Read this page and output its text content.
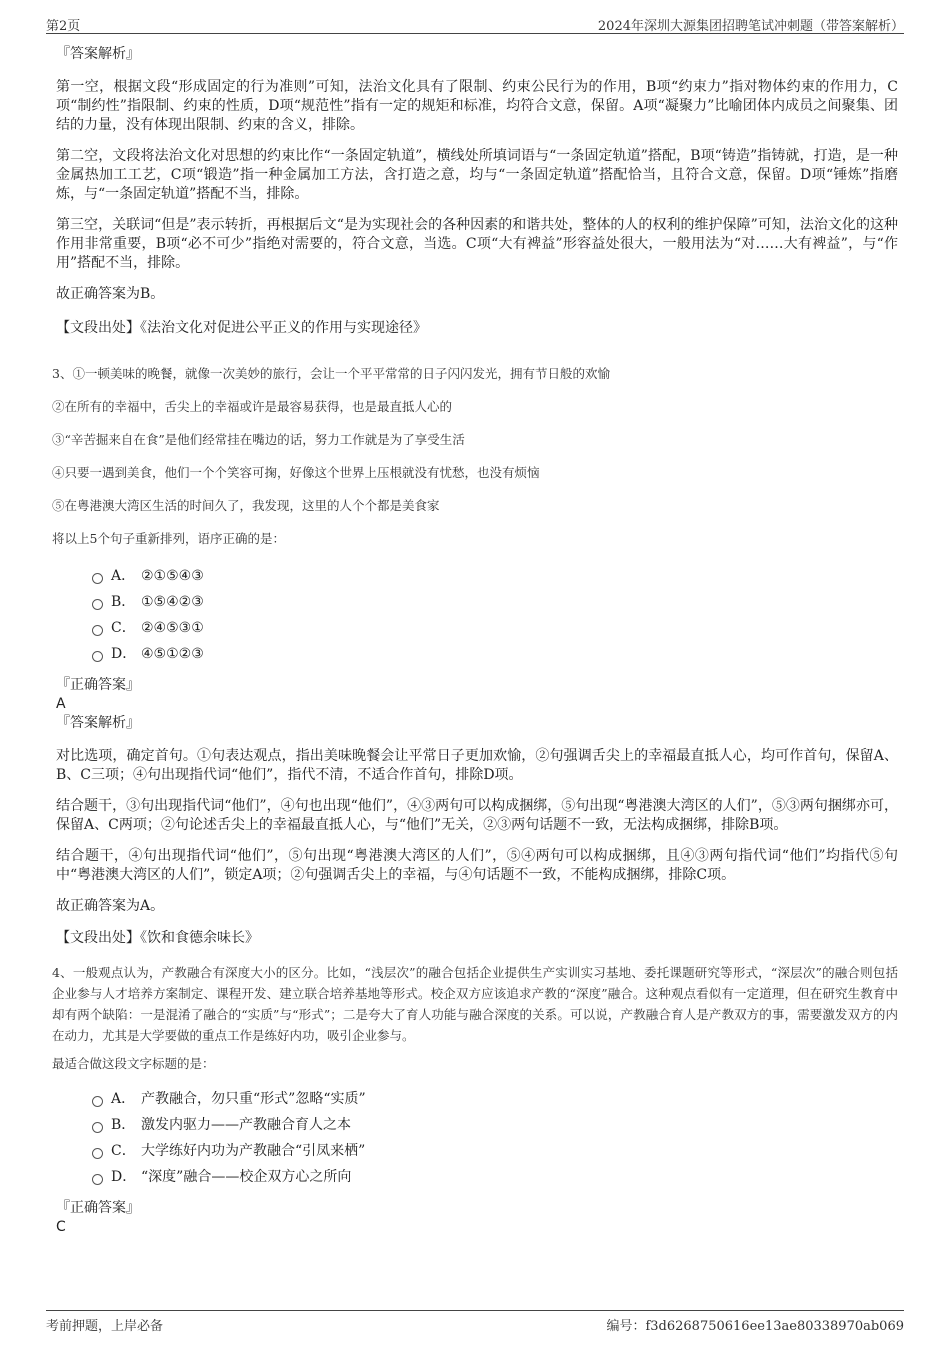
第2页	2024年深圳大源集团招聘笔试冲刺题（带答案解析）

『答案解析』

第一空，根据文段“形成固定的行为准则”可知，法治文化具有了限制、约束公民行为的作用，B项“约束力”指对物体约束的作用力，C项“制约性”指限制、约束的性质，D项“规范性”指有一定的规矩和标准，均符合文意，保留。A项“凝聚力”比喻团体内成员之间聚集、团结的力量，没有体现出限制、约束的含义，排除。

第二空，文段将法治文化对思想的约束比作“一条固定轨道”，横线处所填词语与“一条固定轨道”搭配，B项“铸造”指铸就，打造，是一种金属热加工工艺，C项“锻造”指一种金属加工方法，含打造之意，均与“一条固定轨道”搭配恰当，且符合文意，保留。D项“锤炼”指磨炼，与“一条固定轨道”搭配不当，排除。

第三空，关联词“但是”表示转折，再根据后文“是为实现社会的各种因素的和谐共处，整体的人的权利的维护保障”可知，法治文化的这种作用非常重要，B项“必不可少”指绝对需要的，符合文意，当选。C项“大有裨益”形容益处很大，一般用法为“对……大有裨益”，与“作用”搭配不当，排除。

故正确答案为B。

【文段出处】《法治文化对促进公平正义的作用与实现途径》

3、①一顿美味的晚餐，就像一次美妙的旅行，会让一个平平常常的日子闪闪发光，拥有节日般的欢愉

②在所有的幸福中，舌尖上的幸福或许是最容易获得，也是最直抵人心的

③“辛苦掘来自在食”是他们经常挂在嘴边的话，努力工作就是为了享受生活

④只要一遇到美食，他们一个个笑容可掬，好像这个世界上压根就没有忧愁，也没有烦恼

⑤在粤港澳大湾区生活的时间久了，我发现，这里的人个个都是美食家

将以上5个句子重新排列，语序正确的是：

A． ②①⑤④③
B． ①⑤④②③
C． ②④⑤③①
D． ④⑤①②③

『正确答案』

A

『答案解析』

对比选项，确定首句。①句表达观点，指出美味晚餐会让平常日子更加欢愉，②句强调舌尖上的幸福最直抵人心，均可作首句，保留A、B、C三项；④句出现指代词“他们”，指代不清，不适合作首句，排除D项。

结合题干，③句出现指代词“他们”，④句也出现“他们”，④③两句可以构成捆绑，⑤句出现“粤港澳大湾区的人们”，⑤③两句捆绑亦可，保留A、C两项；②句论述舌尖上的幸福最直抵人心，与“他们”无关，②③两句话题不一致，无法构成捆绑，排除B项。

结合题干，④句出现指代词“他们”，⑤句出现“粤港澳大湾区的人们”，⑤④两句可以构成捆绑，且④③两句指代词“他们”均指代⑤句中“粤港澳大湾区的人们”，锁定A项；②句强调舌尖上的幸福，与④句话题不一致，不能构成捆绑，排除C项。

故正确答案为A。

【文段出处】《饮和食德余味长》

4、一般观点认为，产教融合有深度大小的区分。比如，“浅层次”的融合包括企业提供生产实训实习基地、委托课题研究等形式，“深层次”的融合则包括企业参与人才培养方案制定、课程开发、建立联合培养基地等形式。校企双方应该追求产教的“深度”融合。这种观点看似有一定道理，但在研究生教育中却有两个缺陷：一是混淆了融合的“实质”与“形式”；二是夸大了育人功能与融合深度的关系。可以说，产教融合育人是产教双方的事，需要激发双方的内在动力，尤其是大学要做的重点工作是练好内功，吸引企业参与。

最适合做这段文字标题的是：

A． 产教融合，勿只重“形式”忽略“实质”
B． 激发内驱力——产教融合育人之本
C． 大学练好内功为产教融合“引凤来栖”
D． “深度”融合——校企双方心之所向

『正确答案』

C

考前押题，上岸必备	编号：f3d6268750616ee13ae80338970ab069
